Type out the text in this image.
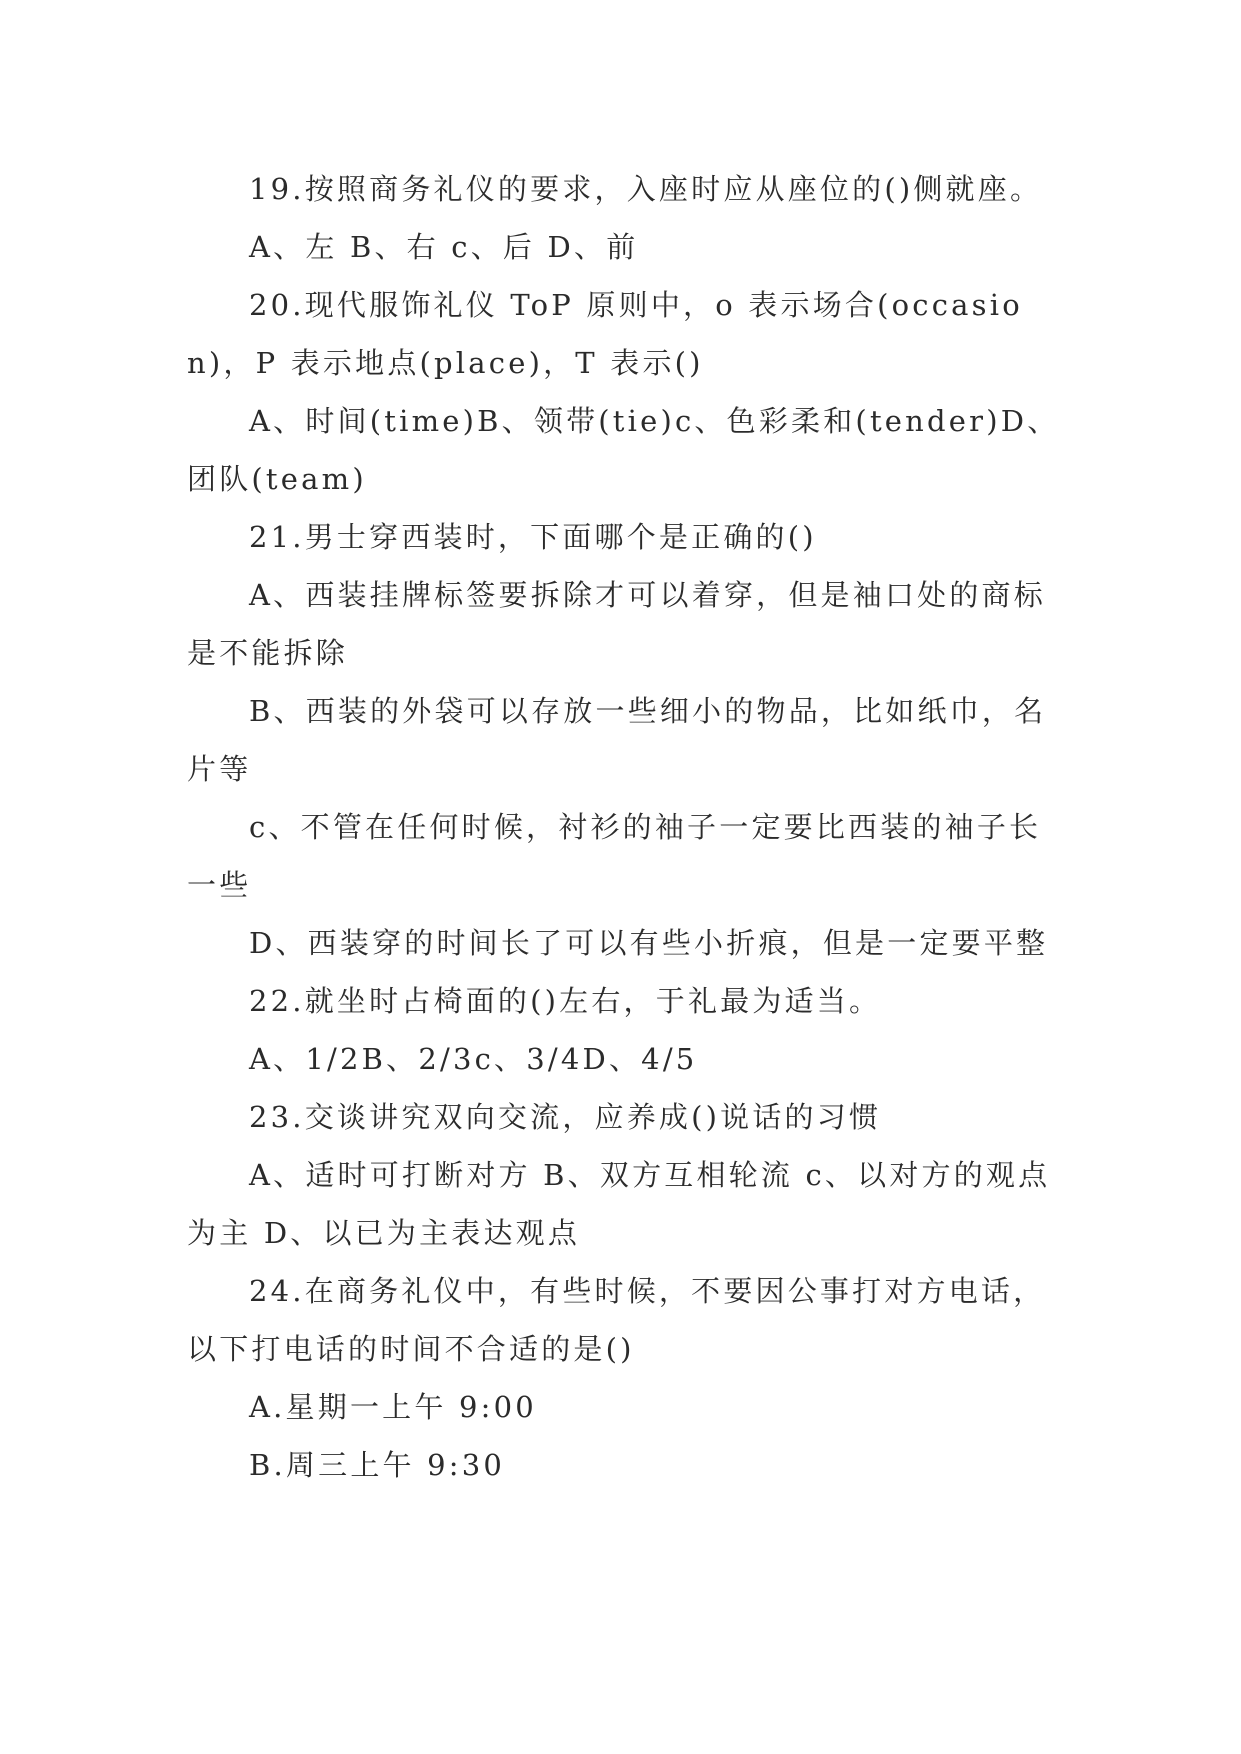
19.按照商务礼仪的要求，入座时应从座位的()侧就座。

A、左 B、右 c、后 D、前

20.现代服饰礼仪 ToP 原则中，o 表示场合(occasion)，P 表示地点(place)，T 表示()

A、时间(time)B、领带(tie)c、色彩柔和(tender)D、团队(team)

21.男士穿西装时，下面哪个是正确的()

A、西装挂牌标签要拆除才可以着穿，但是袖口处的商标是不能拆除

B、西装的外袋可以存放一些细小的物品，比如纸巾，名片等

c、不管在任何时候，衬衫的袖子一定要比西装的袖子长一些

D、西装穿的时间长了可以有些小折痕，但是一定要平整

22.就坐时占椅面的()左右，于礼最为适当。

A、1/2B、2/3c、3/4D、4/5

23.交谈讲究双向交流，应养成()说话的习惯

A、适时可打断对方 B、双方互相轮流 c、以对方的观点为主 D、以已为主表达观点

24.在商务礼仪中，有些时候，不要因公事打对方电话，以下打电话的时间不合适的是()

A.星期一上午 9:00

B.周三上午 9:30
